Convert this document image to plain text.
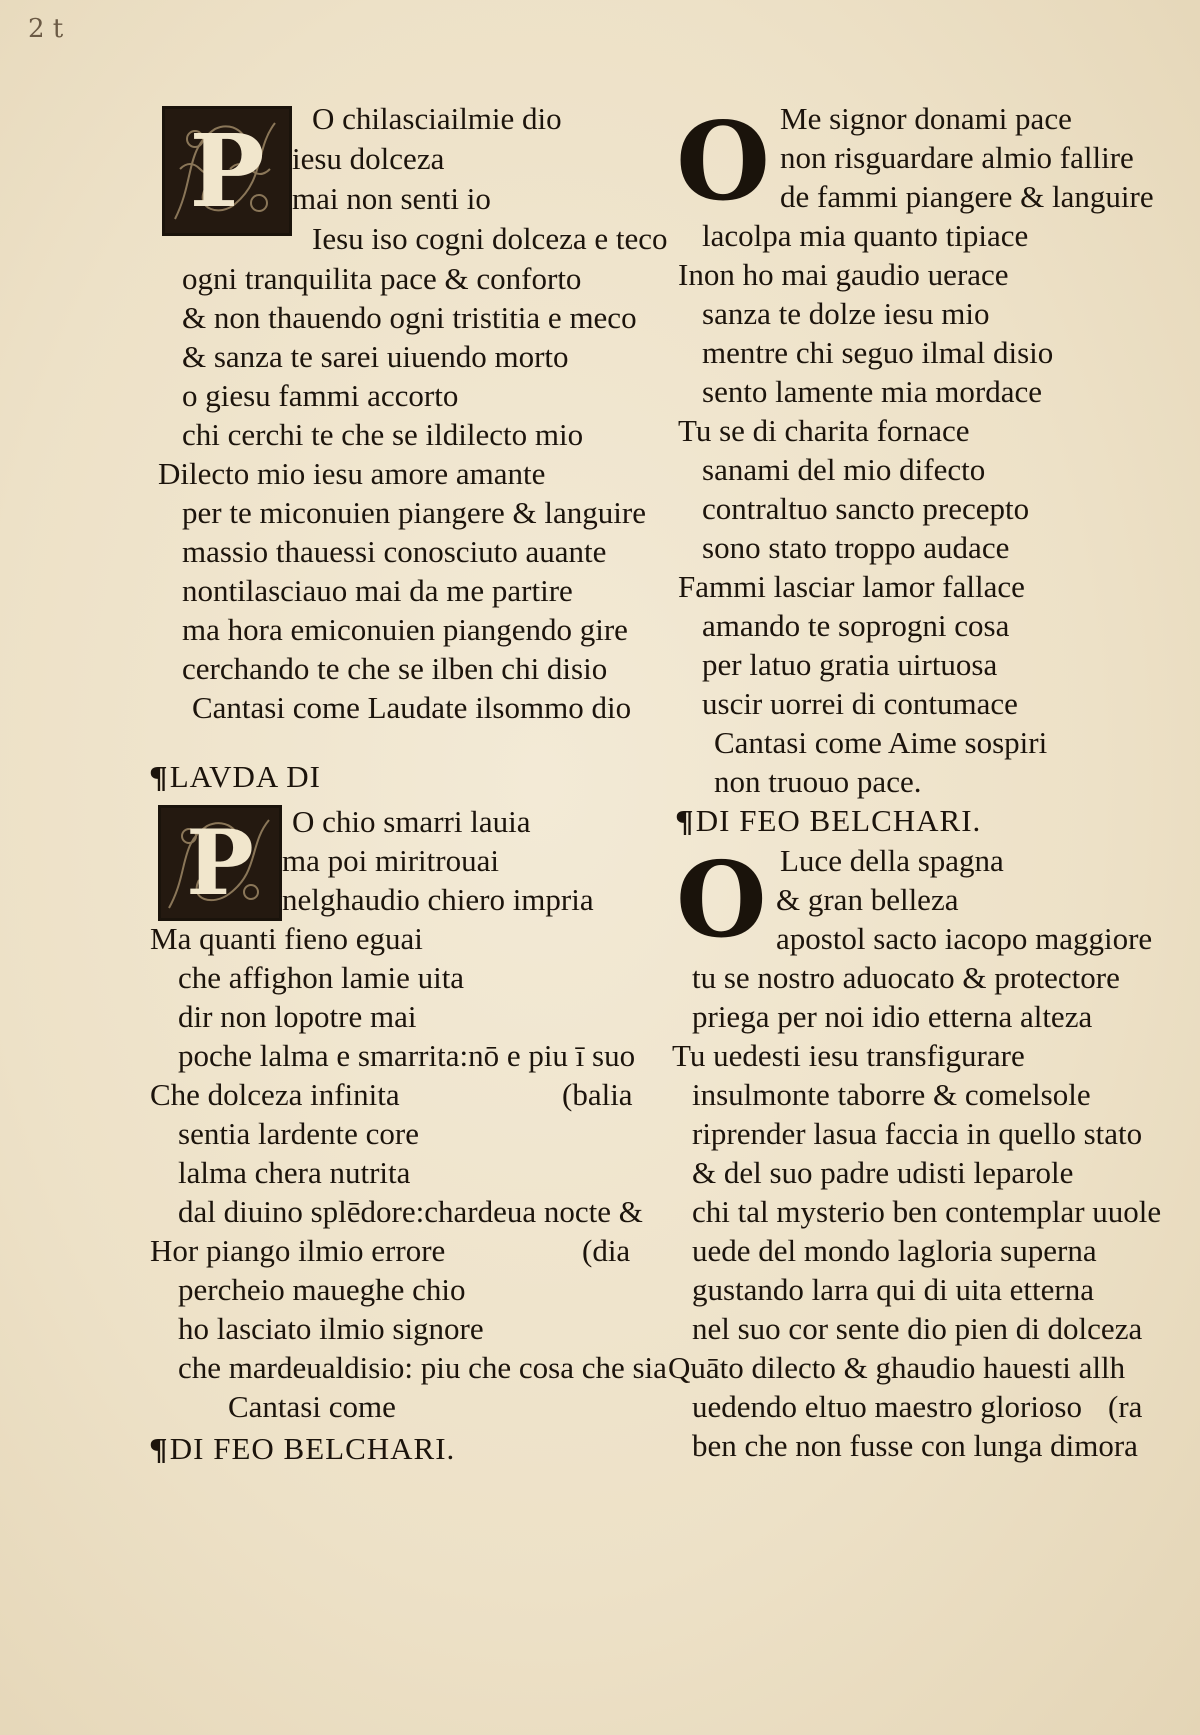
2 t
P O chilasciailmie dio
iesu dolceza
mai non senti io
Iesu iso cogni dolceza e teco
ogni tranquilita pace & conforto
& non thauendo ogni tristitia e meco
& sanza te sarei uiuendo morto
o giesu fammi accorto
chi cerchi te che se ildilecto mio
Dilecto mio iesu amore amante
per te miconuien piangere & languire
massio thauessi conosciuto auante
nontilasciauo mai da me partire
ma hora emiconuien piangendo gire
cerchando te che se ilben chi disio
Cantasi come Laudate ilsommo dio
¶LAVDA DI
P O chio smarri lauia
ma poi miritrouai
nelghaudio chiero impria
Ma quanti fieno eguai
che affighon lamie uita
dir non lopotre mai
poche lalma e smarrita:nō e piu ī suo
Che dolceza infinita	(balia
sentia lardente core
lalma chera nutrita
dal diuino splēdore:chardeua nocte &
Hor piango ilmio errore	(dia
percheio maueghe chio
ho lasciato ilmio signore
che mardeualdisio: piu che cosa che sia
Cantasi come
¶DI FEO BELCHARI.
O Me signor donami pace
non risguardare almio fallire
de fammi piangere & languire
lacolpa mia quanto tipiace
Inon ho mai gaudio uerace
sanza te dolze iesu mio
mentre chi seguo ilmal disio
sento lamente mia mordace
Tu se di charita fornace
sanami del mio difecto
contraltuo sancto precepto
sono stato troppo audace
Fammi lasciar lamor fallace
amando te soprogni cosa
per latuo gratia uirtuosa
uscir uorrei di contumace
Cantasi come Aime sospiri
non truouo pace.
¶DI FEO BELCHARI.
O Luce della spagna
& gran belleza
apostol sacto iacopo maggiore
tu se nostro aduocato & protectore
priega per noi idio etterna alteza
Tu uedesti iesu transfigurare
insulmonte taborre & comelsole
riprender lasua faccia in quello stato
& del suo padre udisti leparole
chi tal mysterio ben contemplar uuole
uede del mondo lagloria superna
gustando larra qui di uita etterna
nel suo cor sente dio pien di dolceza
Quāto dilecto & ghaudio hauesti allh
uedendo eltuo maestro glorioso (ra
ben che non fusse con lunga dimora
